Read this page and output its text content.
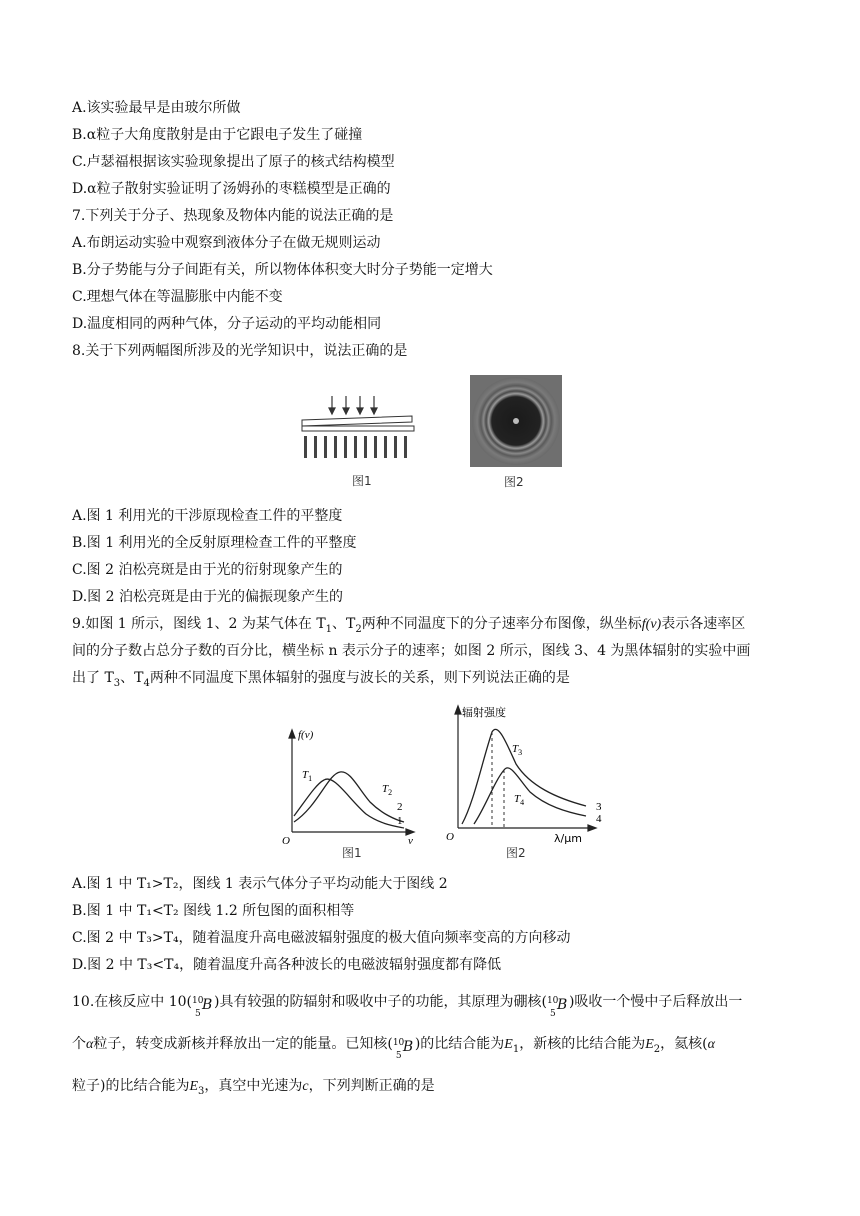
A.该实验最早是由玻尔所做
B.α粒子大角度散射是由于它跟电子发生了碰撞
C.卢瑟福根据该实验现象提出了原子的核式结构模型
D.α粒子散射实验证明了汤姆孙的枣糕模型是正确的
7.下列关于分子、热现象及物体内能的说法正确的是
A.布朗运动实验中观察到液体分子在做无规则运动
B.分子势能与分子间距有关，所以物体体积变大时分子势能一定增大
C.理想气体在等温膨胀中内能不变
D.温度相同的两种气体，分子运动的平均动能相同
8.关于下列两幅图所涉及的光学知识中，说法正确的是
图1	图2
A.图 1 利用光的干涉原现检查工件的平整度
B.图 1 利用光的全反射原理检查工件的平整度
C.图 2 泊松亮斑是由于光的衍射现象产生的
D.图 2 泊松亮斑是由于光的偏振现象产生的
9.如图 1 所示，图线 1、2 为某气体在 $T_1$、$T_2$两种不同温度下的分子速率分布图像，纵坐标f(v)表示各速率区
间的分子数占总分子数的百分比，横坐标 n 表示分子的速率；如图 2 所示，图线 3、4 为黑体辐射的实验中画
出了 $T_3$、$T_4$两种不同温度下黑体辐射的强度与波长的关系，则下列说法正确的是
f(v)
v
O
$T_1$
$T_2$
2
1
图1
辐射强度
λ/μm
O
$T_3$
$T_4$	3
4
图2
A.图 1 中 T₁>T₂，图线 1 表示气体分子平均动能大于图线 2
B.图 1 中 T₁<T₂ 图线 1.2 所包图的面积相等
C.图 2 中 T₃>T₄，随着温度升高电磁波辐射强度的极大值向频率变高的方向移动
D.图 2 中 T₃<T₄，随着温度升高各种波长的电磁波辐射强度都有降低
10.在核反应中 10( 10
5
B )具有较强的防辐射和吸收中子的功能，其原理为硼核( 10
5
B )吸收一个慢中子后释放出一
个α粒子，转变成新核并释放出一定的能量。已知核( 10
5
B )的比结合能为$E_1$，新核的比结合能为$E_2$，氦核(α
粒子)的比结合能为$E_3$，真空中光速为c，下列判断正确的是
